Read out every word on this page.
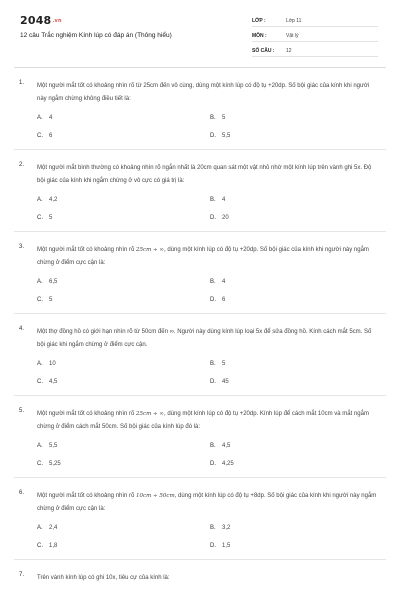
2048.vn
12 câu Trắc nghiệm Kính lúp có đáp án (Thông hiểu)
LỚP :	Lớp 11
MÔN :	Vật lý
SỐ CÂU :	12
1. Một người mắt tốt có khoảng nhìn rõ từ 25cm đến vô cùng, dùng một kính lúp có độ tụ +20dp. Số bội giác của kính khi người này ngắm chừng không điều tiết là:

A. 4	B. 5
C. 6	D. 5,5
2. Một người mắt bình thường có khoảng nhìn rõ ngắn nhất là 20cm quan sát một vật nhỏ nhờ một kính lúp trên vành ghi 5x. Độ bội giác của kính khi ngắm chừng ở vô cực có giá trị là:

A. 4,2	B. 4
C. 5	D. 20
3. Một người mắt tốt có khoảng nhìn rõ 25cm ÷ ∞, dùng một kính lúp có độ tụ +20dp. Số bội giác của kính khi người này ngắm chừng ở điểm cực cận là:

A. 6,5	B. 4
C. 5	D. 6
4. Một thợ đồng hồ có giới hạn nhìn rõ từ 50cm đến ∞. Người này dùng kính lúp loại 5x để sửa đồng hồ. Kính cách mắt 5cm. Số bội giác khi ngắm chừng ở điểm cực cận.

A. 10	B. 5
C. 4,5	D. 45
5. Một người mắt tốt có khoảng nhìn rõ 25cm ÷ ∞, dùng một kính lúp có độ tụ +20dp. Kính lúp để cách mắt 10cm và mắt ngắm chừng ở điểm cách mắt 50cm. Số bội giác của kính lúp đó là:

A. 5,5	B. 4,5
C. 5,25	D. 4,25
6. Một người mắt tốt có khoảng nhìn rõ 10cm ÷ 50cm, dùng một kính lúp có độ tụ +8dp. Số bội giác của kính khi người này ngắm chừng ở điểm cực cận là:

A. 2,4	B. 3,2
C. 1,8	D. 1,5
7. Trên vành kính lúp có ghi 10x, tiêu cự của kính là:
